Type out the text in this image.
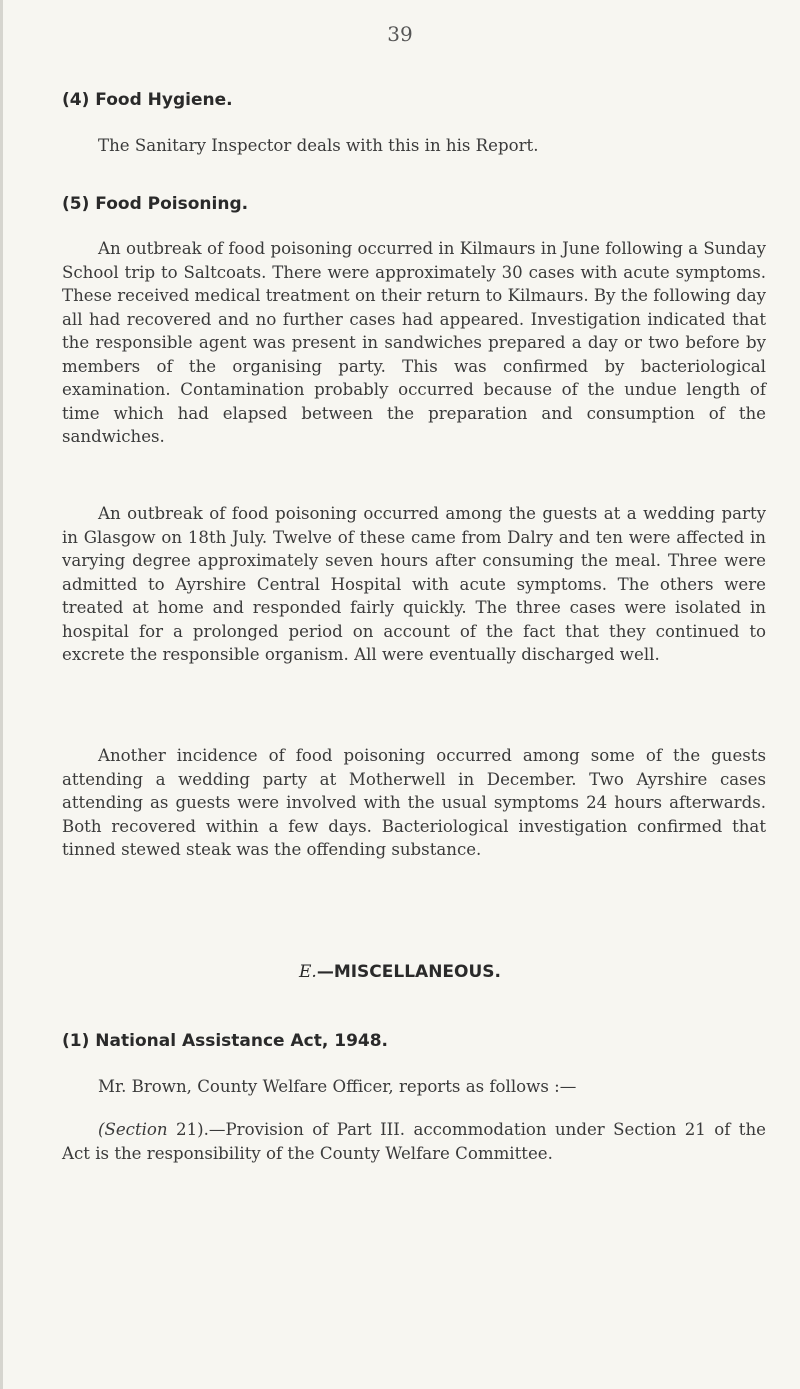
39
(4) Food Hygiene.
The Sanitary Inspector deals with this in his Report.
(5) Food Poisoning.
An outbreak of food poisoning occurred in Kilmaurs in June following a Sunday School trip to Saltcoats. There were approximately 30 cases with acute symptoms. These received medical treatment on their return to Kilmaurs. By the following day all had recovered and no further cases had appeared. Investigation indicated that the responsible agent was present in sandwiches prepared a day or two before by members of the organising party. This was confirmed by bacteriological examination. Contamination probably occurred because of the undue length of time which had elapsed between the preparation and consumption of the sandwiches.
An outbreak of food poisoning occurred among the guests at a wedding party in Glasgow on 18th July. Twelve of these came from Dalry and ten were affected in varying degree approximately seven hours after consuming the meal. Three were admitted to Ayrshire Central Hospital with acute symptoms. The others were treated at home and responded fairly quickly. The three cases were isolated in hospital for a prolonged period on account of the fact that they continued to excrete the responsible organism. All were eventually discharged well.
Another incidence of food poisoning occurred among some of the guests attending a wedding party at Motherwell in December. Two Ayrshire cases attending as guests were involved with the usual symptoms 24 hours afterwards. Both recovered within a few days. Bacteriological investigation confirmed that tinned stewed steak was the offending substance.
E.—MISCELLANEOUS.
(1) National Assistance Act, 1948.
Mr. Brown, County Welfare Officer, reports as follows :—
(Section 21).—Provision of Part III. accommodation under Section 21 of the Act is the responsibility of the County Welfare Committee.
